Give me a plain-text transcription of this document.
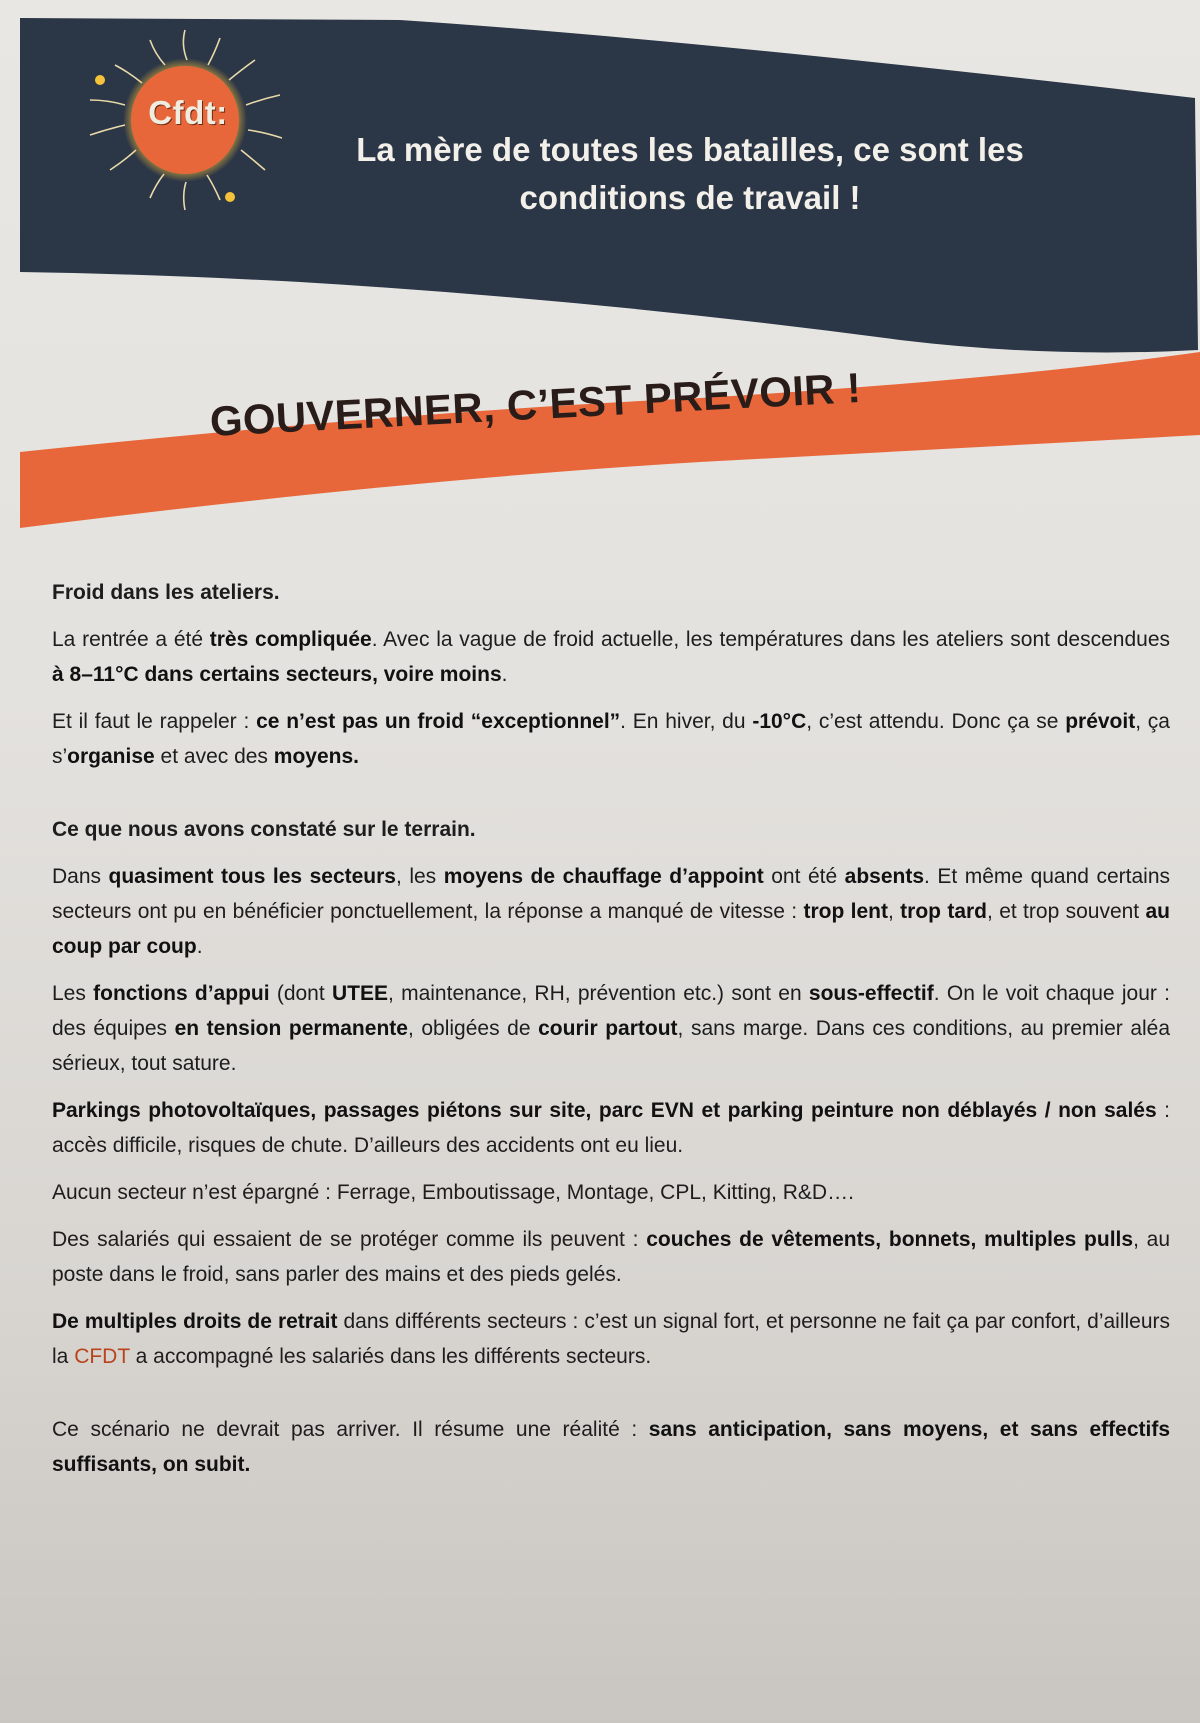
Cfdt:
La mère de toutes les batailles, ce sont les
conditions de travail !
GOUVERNER, C’EST PRÉVOIR !
Froid dans les ateliers.

La rentrée a été très compliquée. Avec la vague de froid actuelle, les températures dans les ateliers sont descendues à 8–11°C dans certains secteurs, voire moins.

Et il faut le rappeler : ce n’est pas un froid “exceptionnel”. En hiver, du -10°C, c’est attendu. Donc ça se prévoit, ça s’organise et avec des moyens.

Ce que nous avons constaté sur le terrain.

Dans quasiment tous les secteurs, les moyens de chauffage d’appoint ont été absents. Et même quand certains secteurs ont pu en bénéficier ponctuellement, la réponse a manqué de vitesse : trop lent, trop tard, et trop souvent au coup par coup.

Les fonctions d’appui (dont UTEE, maintenance, RH, prévention etc.) sont en sous-effectif. On le voit chaque jour : des équipes en tension permanente, obligées de courir partout, sans marge. Dans ces conditions, au premier aléa sérieux, tout sature.

Parkings photovoltaïques, passages piétons sur site, parc EVN et parking peinture non déblayés / non salés : accès difficile, risques de chute. D’ailleurs des accidents ont eu lieu.

Aucun secteur n’est épargné : Ferrage, Emboutissage, Montage, CPL, Kitting, R&D….

Des salariés qui essaient de se protéger comme ils peuvent : couches de vêtements, bonnets, multiples pulls, au poste dans le froid, sans parler des mains et des pieds gelés.

De multiples droits de retrait dans différents secteurs : c’est un signal fort, et personne ne fait ça par confort, d’ailleurs la CFDT a accompagné les salariés dans les différents secteurs.

Ce scénario ne devrait pas arriver. Il résume une réalité : sans anticipation, sans moyens, et sans effectifs suffisants, on subit.
